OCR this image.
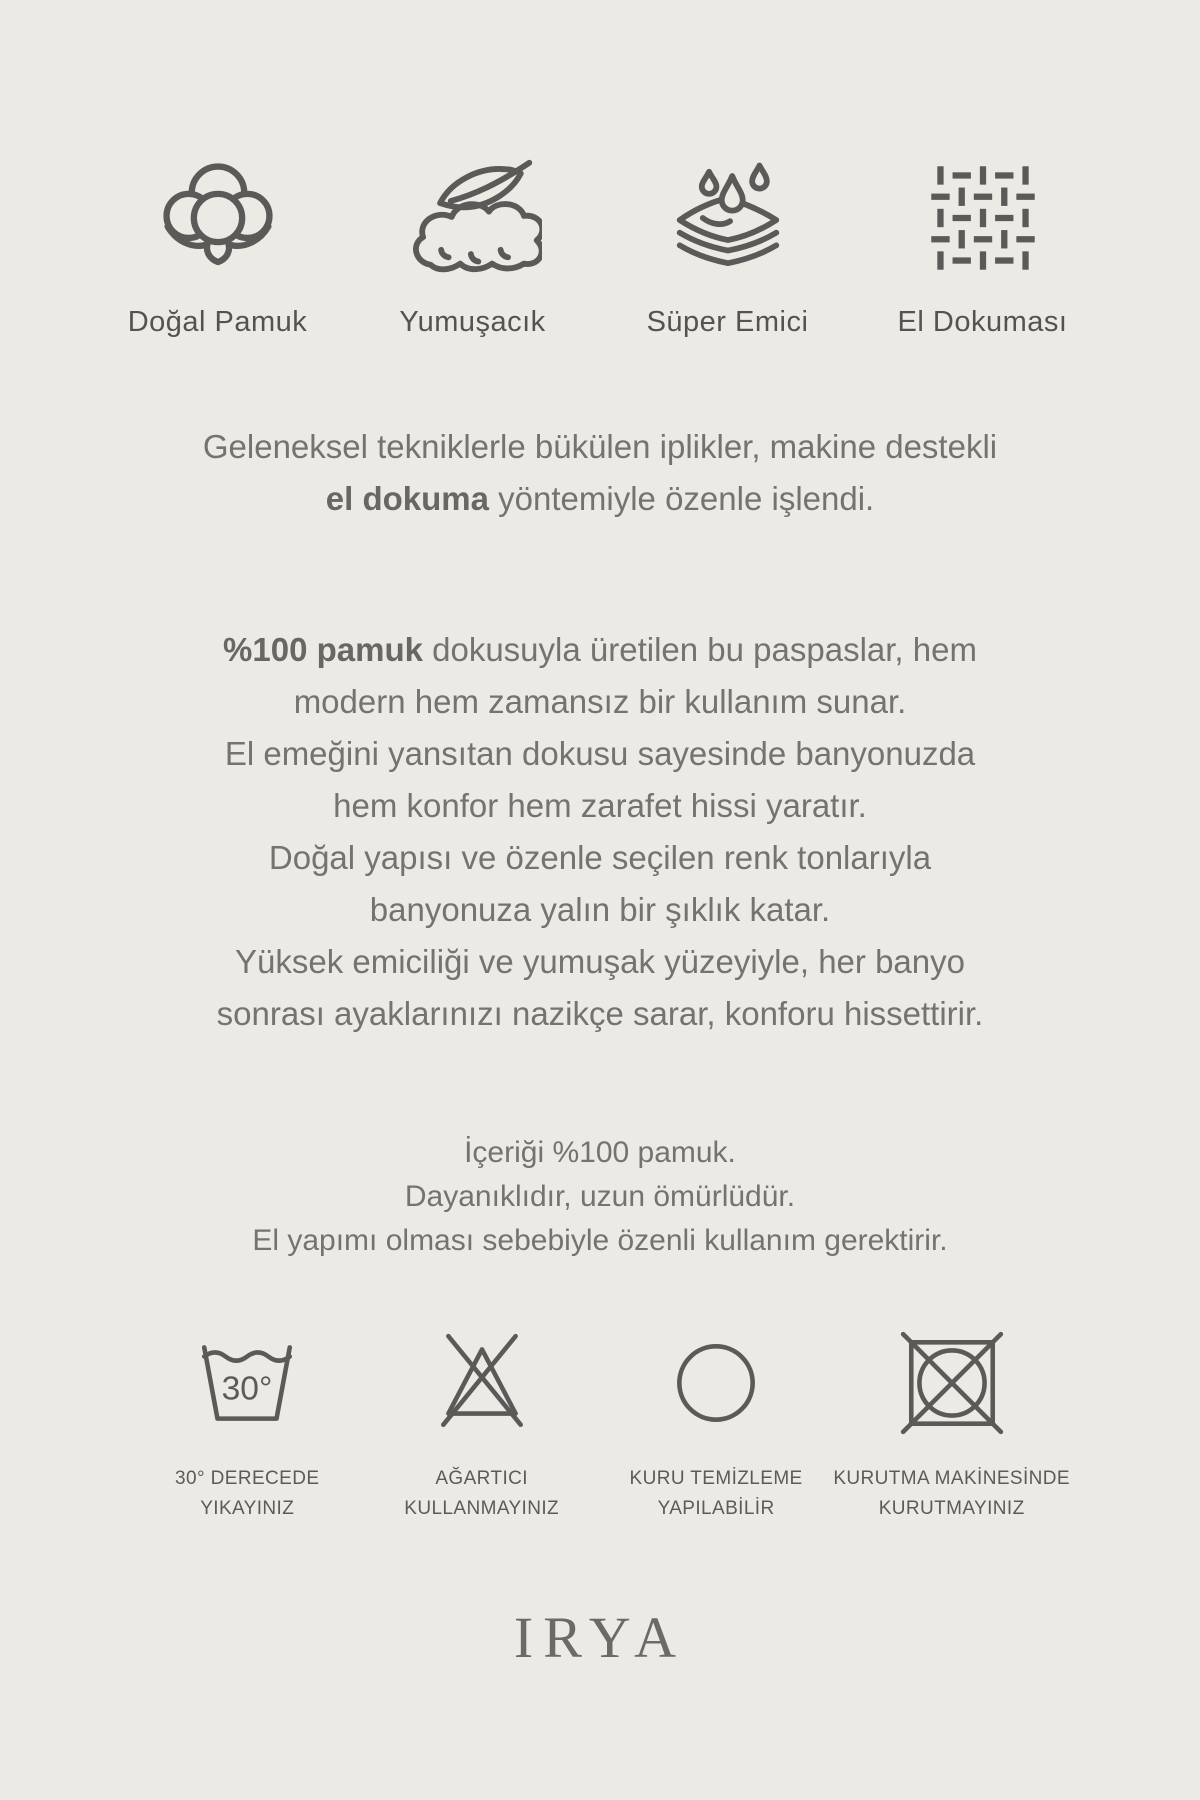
Doğal Pamuk	Yumuşacık	Süper Emici	El Dokuması
Geleneksel tekniklerle bükülen iplikler, makine destekli
el dokuma yöntemiyle özenle işlendi.
%100 pamuk dokusuyla üretilen bu paspaslar, hem
modern hem zamansız bir kullanım sunar.
El emeğini yansıtan dokusu sayesinde banyonuzda
hem konfor hem zarafet hissi yaratır.
Doğal yapısı ve özenle seçilen renk tonlarıyla
banyonuza yalın bir şıklık katar.
Yüksek emiciliği ve yumuşak yüzeyiyle, her banyo
sonrası ayaklarınızı nazikçe sarar, konforu hissettirir.
İçeriği %100 pamuk.
Dayanıklıdır, uzun ömürlüdür.
El yapımı olması sebebiyle özenli kullanım gerektirir.
30°
30° DERECEDE
YIKAYINIZ
AĞARTICI
KULLANMAYINIZ
KURU TEMİZLEME
YAPILABİLİR
KURUTMA MAKİNESİNDE
KURUTMAYINIZ
IRYA
